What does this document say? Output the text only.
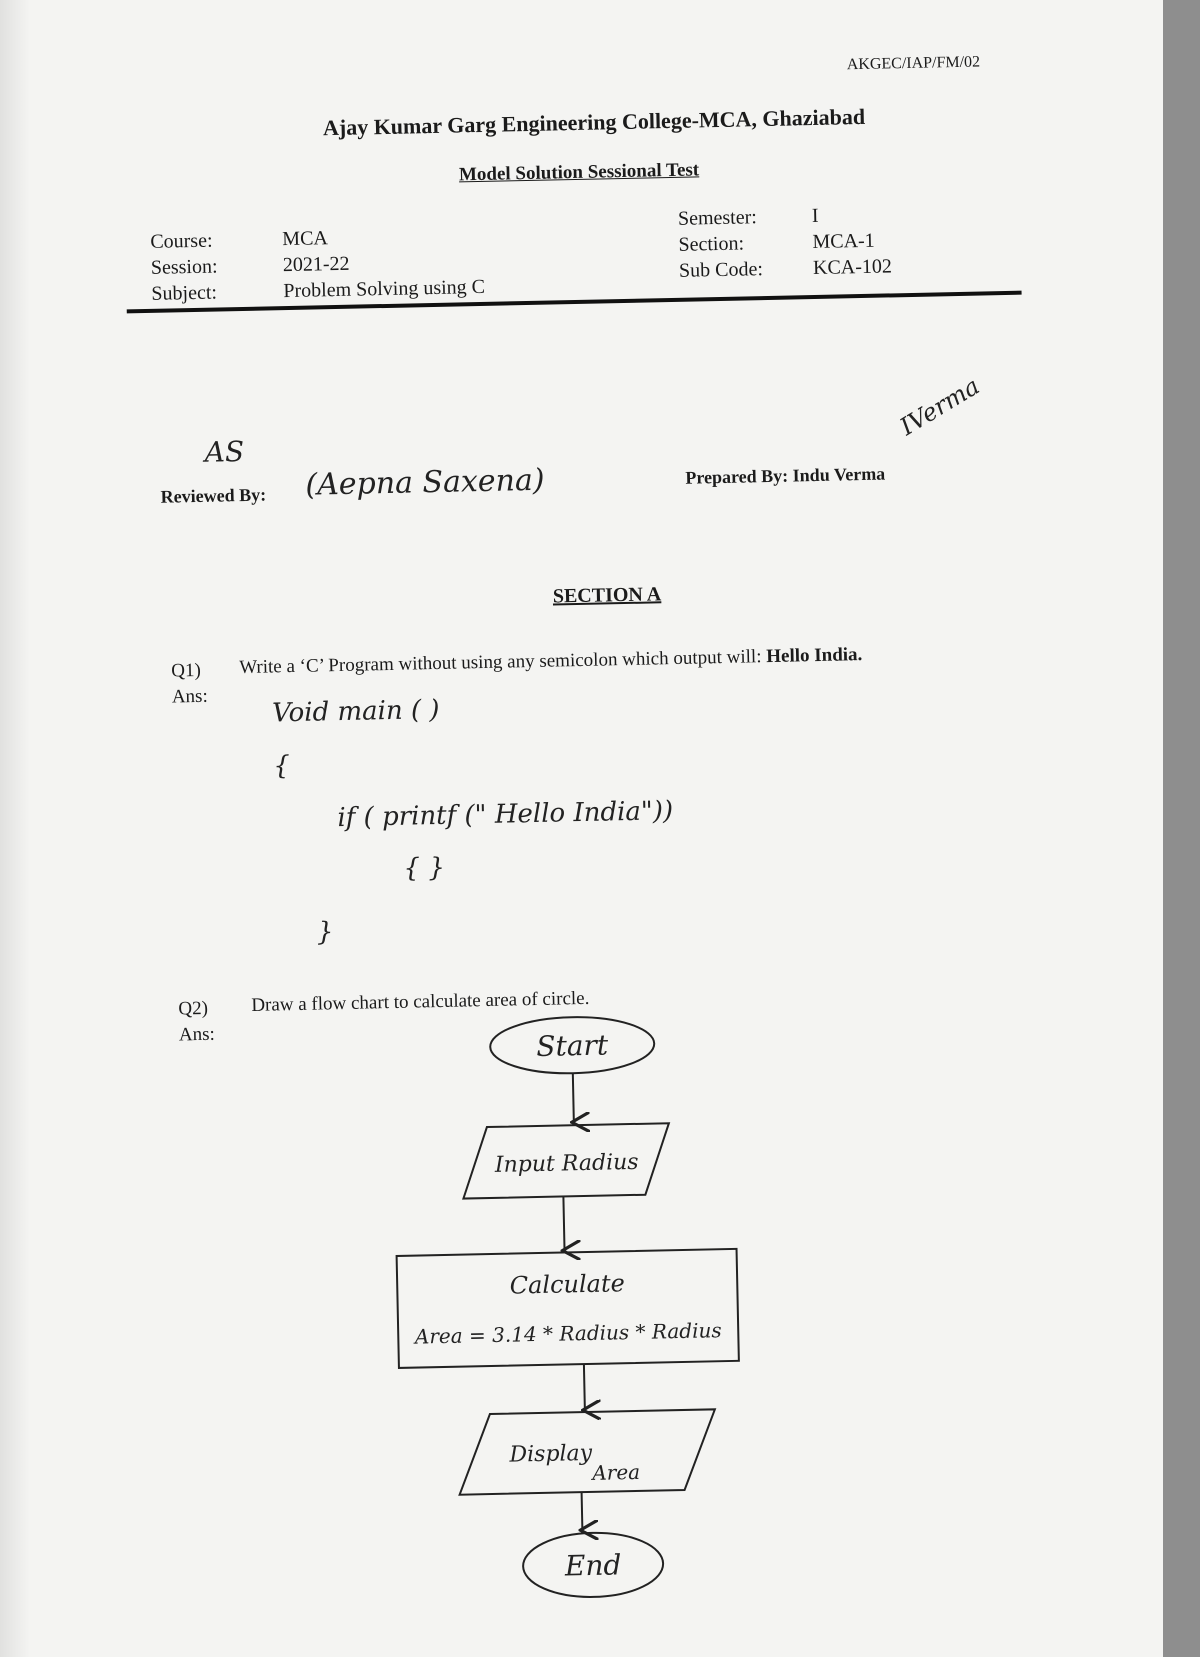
AKGEC/IAP/FM/02
Ajay Kumar Garg Engineering College-MCA, Ghaziabad
Model Solution Sessional Test
Course:
Session:
Subject:
MCA
2021-22
Problem Solving using C
Semester:
Section:
Sub Code:
I
MCA-1
KCA-102
AS
Reviewed By: (Aepna Saxena)	Prepared By: Indu Verma
IVerma
SECTION A
Q1) Write a ‘C’ Program without using any semicolon which output will: Hello India.
Ans: Void main ( )
{
if ( printf (" Hello India"))
{ }
}
Q2) Draw a flow chart to calculate area of circle.
Ans:	Start
Input Radius
Calculate
Area = 3.14 * Radius * Radius
Display
Area
End
